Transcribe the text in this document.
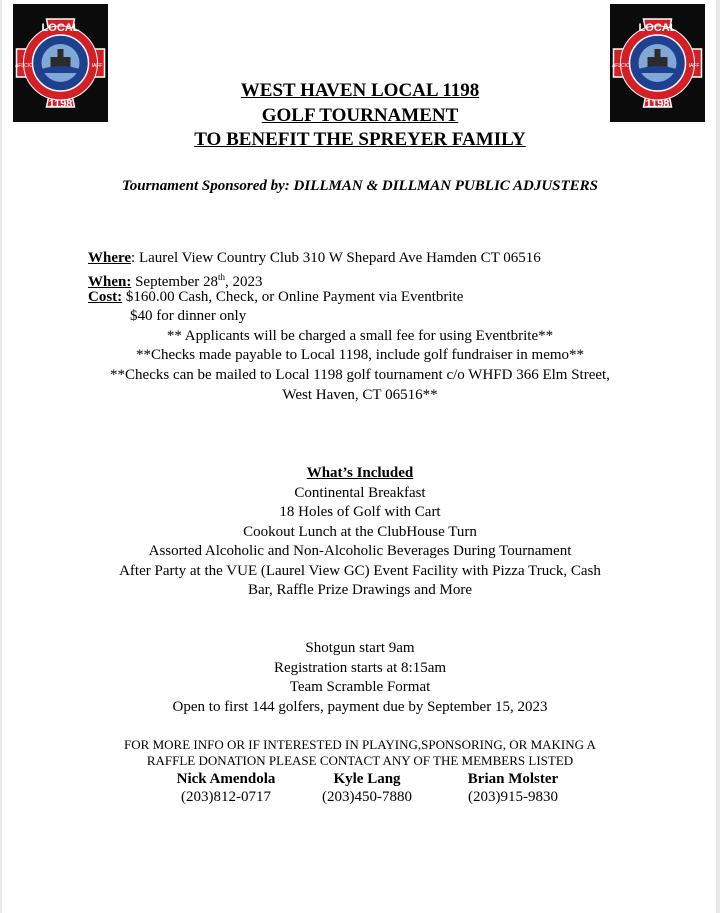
LOCAL
1198
AFLCIO	IAFF
LOCAL
1198
AFLCIO	IAFF
WEST HAVEN LOCAL 1198
GOLF TOURNAMENT
TO BENEFIT THE SPREYER FAMILY
Tournament Sponsored by: DILLMAN & DILLMAN PUBLIC ADJUSTERS
Where: Laurel View Country Club 310 W Shepard Ave Hamden CT 06516
When: September 28th, 2023
Cost: $160.00 Cash, Check, or Online Payment via Eventbrite
$40 for dinner only
** Applicants will be charged a small fee for using Eventbrite**
**Checks made payable to Local 1198, include golf fundraiser in memo**
**Checks can be mailed to Local 1198 golf tournament c/o WHFD 366 Elm Street,
West Haven, CT 06516**
What’s Included
Continental Breakfast
18 Holes of Golf with Cart
Cookout Lunch at the ClubHouse Turn
Assorted Alcoholic and Non-Alcoholic Beverages During Tournament
After Party at the VUE (Laurel View GC) Event Facility with Pizza Truck, Cash
Bar, Raffle Prize Drawings and More
Shotgun start 9am
Registration starts at 8:15am
Team Scramble Format
Open to first 144 golfers, payment due by September 15, 2023
FOR MORE INFO OR IF INTERESTED IN PLAYING,SPONSORING, OR MAKING A
RAFFLE DONATION PLEASE CONTACT ANY OF THE MEMBERS LISTED
Nick Amendola
(203)812-0717
Kyle Lang
(203)450-7880
Brian Molster
(203)915-9830
